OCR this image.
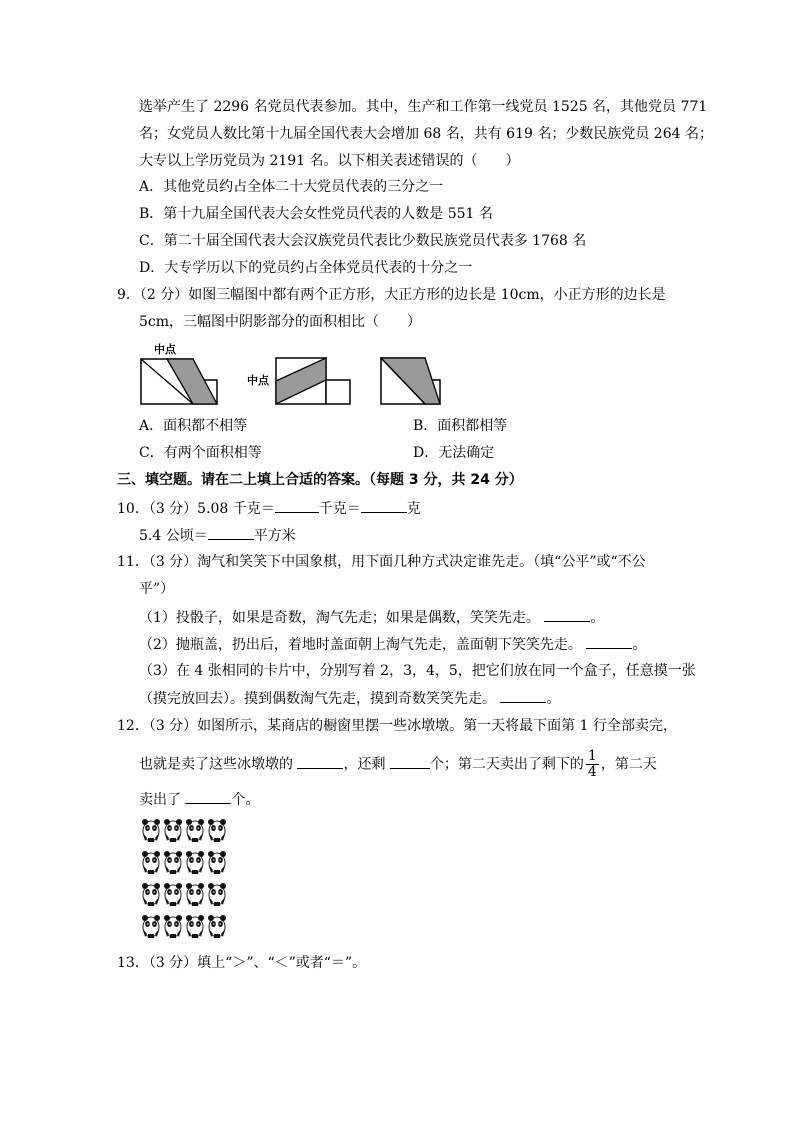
选举产生了 2296 名党员代表参加。其中，生产和工作第一线党员 1525 名，其他党员 771
名；女党员人数比第十九届全国代表大会增加 68 名，共有 619 名；少数民族党员 264 名；
大专以上学历党员为 2191 名。以下相关表述错误的（　　）
A．其他党员约占全体二十大党员代表的三分之一
B．第十九届全国代表大会女性党员代表的人数是 551 名
C．第二十届全国代表大会汉族党员代表比少数民族党员代表多 1768 名
D．大专学历以下的党员约占全体党员代表的十分之一
9．（2 分）如图三幅图中都有两个正方形，大正方形的边长是 10cm，小正方形的边长是
5cm，三幅图中阴影部分的面积相比（　　）
中点
中点
A．面积都不相等	B．面积都相等
C．有两个面积相等	D．无法确定
三、填空题。请在二上填上合适的答案。（每题 3 分，共 24 分）
10．（3 分）5.08 千克＝	千克＝	克
5.4 公顷＝	平方米
11．（3 分）淘气和笑笑下中国象棋，用下面几种方式决定谁先走。（填“公平”或“不公
平”）
（1）投骰子，如果是奇数，淘气先走；如果是偶数，笑笑先走。	。
（2）抛瓶盖，扔出后，着地时盖面朝上淘气先走，盖面朝下笑笑先走。	。
（3）在 4 张相同的卡片中，分别写着 2，3，4，5，把它们放在同一个盒子，任意摸一张
（摸完放回去）。摸到偶数淘气先走，摸到奇数笑笑先走。	。
12．（3 分）如图所示，某商店的橱窗里摆一些冰墩墩。第一天将最下面第 1 行全部卖完，
也就是卖了这些冰墩墩的	，还剩	个；第二天卖出了剩下的 $\frac{1}{4}$ ，第二天
卖出了	个。
13．（3 分）填上“＞”、“＜”或者“＝”。
